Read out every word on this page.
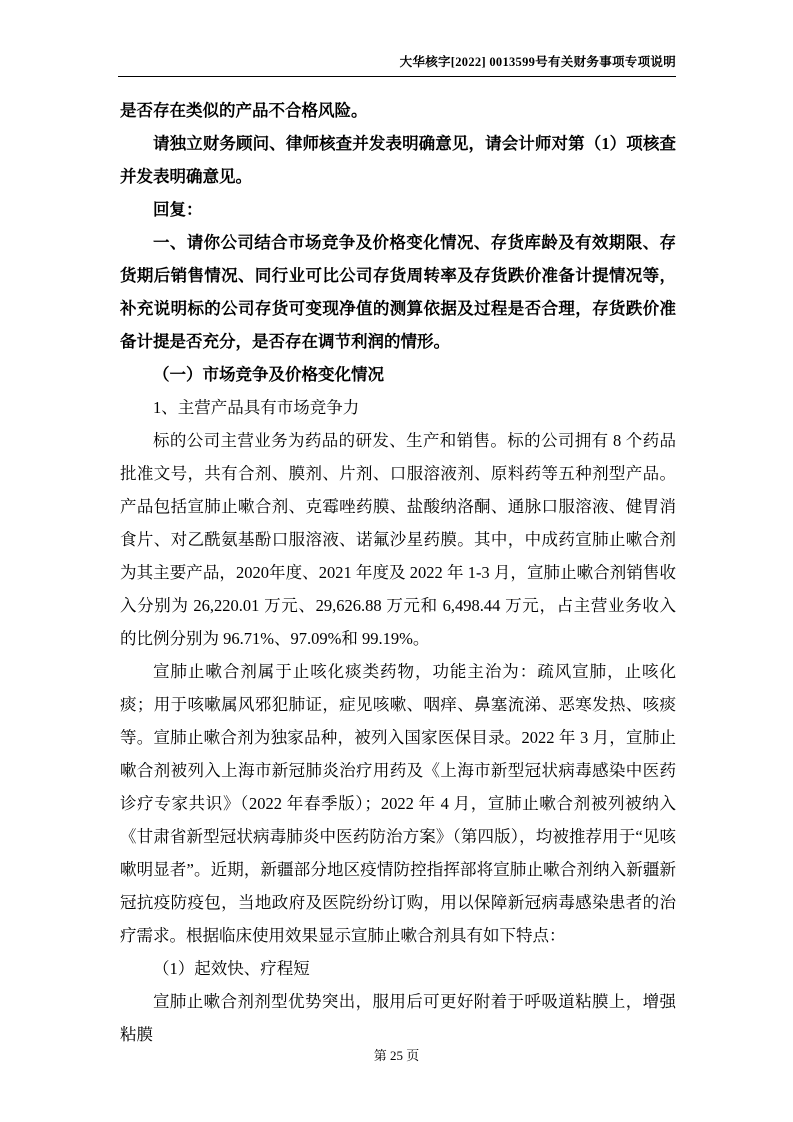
大华核字[2022] 0013599号有关财务事项专项说明

是否存在类似的产品不合格风险。

请独立财务顾问、律师核查并发表明确意见，请会计师对第（1）项核查并发表明确意见。

回复：

一、请你公司结合市场竞争及价格变化情况、存货库龄及有效期限、存货期后销售情况、同行业可比公司存货周转率及存货跌价准备计提情况等，补充说明标的公司存货可变现净值的测算依据及过程是否合理，存货跌价准备计提是否充分，是否存在调节利润的情形。

（一）市场竞争及价格变化情况

1、主营产品具有市场竞争力

标的公司主营业务为药品的研发、生产和销售。标的公司拥有 8 个药品批准文号，共有合剂、膜剂、片剂、口服溶液剂、原料药等五种剂型产品。产品包括宣肺止嗽合剂、克霉唑药膜、盐酸纳洛酮、通脉口服溶液、健胃消食片、对乙酰氨基酚口服溶液、诺氟沙星药膜。其中，中成药宣肺止嗽合剂为其主要产品，2020年度、2021 年度及 2022 年 1-3 月，宣肺止嗽合剂销售收入分别为 26,220.01 万元、29,626.88 万元和 6,498.44 万元，占主营业务收入的比例分别为 96.71%、97.09%和 99.19%。

宣肺止嗽合剂属于止咳化痰类药物，功能主治为：疏风宣肺，止咳化痰；用于咳嗽属风邪犯肺证，症见咳嗽、咽痒、鼻塞流涕、恶寒发热、咳痰等。宣肺止嗽合剂为独家品种，被列入国家医保目录。2022 年 3 月，宣肺止嗽合剂被列入上海市新冠肺炎治疗用药及《上海市新型冠状病毒感染中医药诊疗专家共识》（2022 年春季版）；2022 年 4 月，宣肺止嗽合剂被列被纳入《甘肃省新型冠状病毒肺炎中医药防治方案》（第四版），均被推荐用于“见咳嗽明显者”。近期，新疆部分地区疫情防控指挥部将宣肺止嗽合剂纳入新疆新冠抗疫防疫包，当地政府及医院纷纷订购，用以保障新冠病毒感染患者的治疗需求。根据临床使用效果显示宣肺止嗽合剂具有如下特点：

（1）起效快、疗程短

宣肺止嗽合剂剂型优势突出，服用后可更好附着于呼吸道粘膜上，增强粘膜

第 25 页
